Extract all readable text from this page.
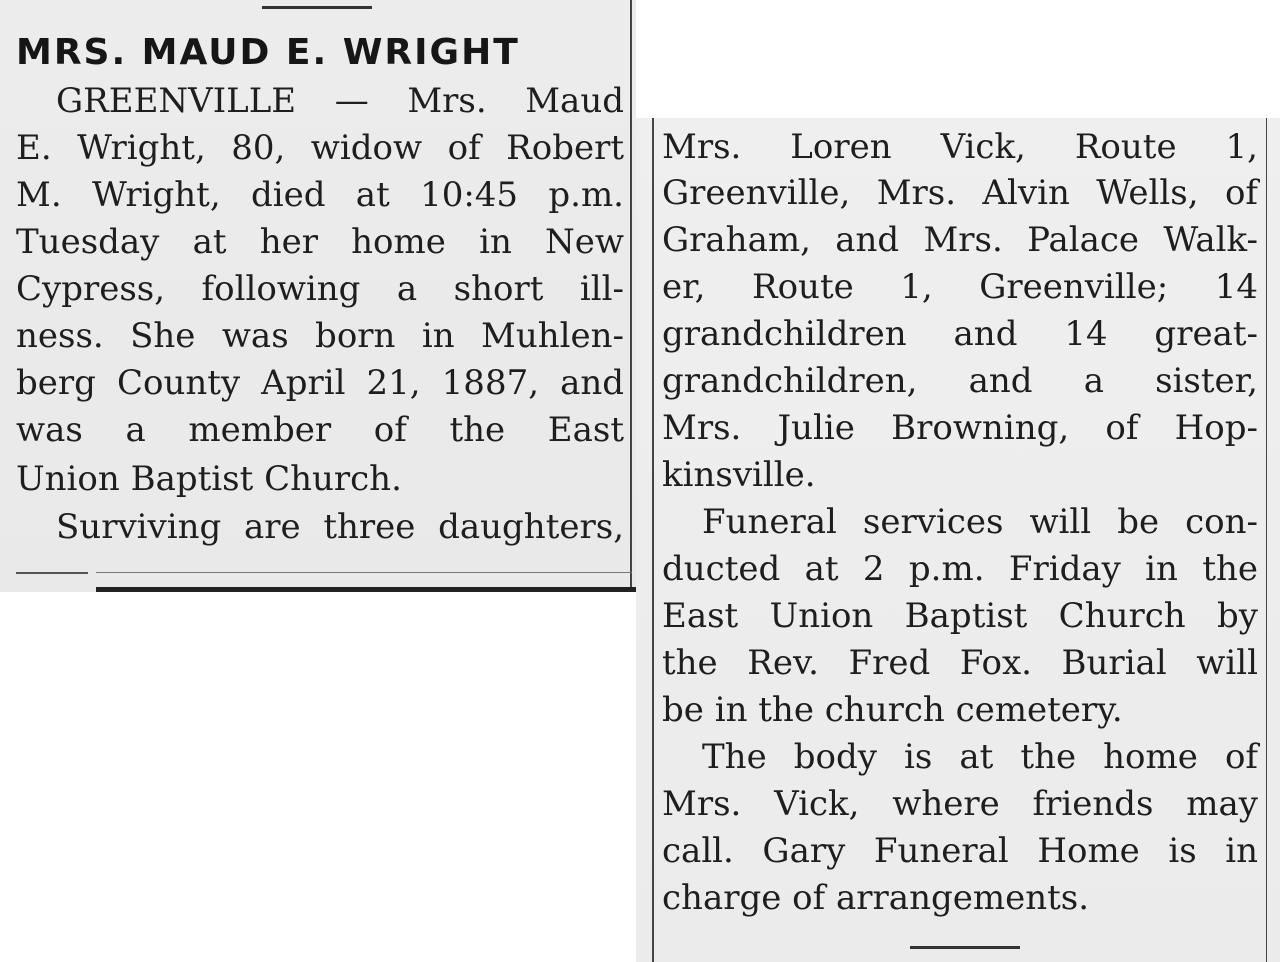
MRS. MAUD E. WRIGHT
GREENVILLE — Mrs. Maud
E. Wright, 80, widow of Robert
M. Wright, died at 10:45 p.m.
Tuesday at her home in New
Cypress, following a short ill-
ness. She was born in Muhlen-
berg County April 21, 1887, and
was a member of the East
Union Baptist Church.
Surviving are three daughters,
Mrs. Loren Vick, Route 1,
Greenville, Mrs. Alvin Wells, of
Graham, and Mrs. Palace Walk-
er, Route 1, Greenville; 14
grandchildren and 14 great-
grandchildren, and a sister,
Mrs. Julie Browning, of Hop-
kinsville.
Funeral services will be con-
ducted at 2 p.m. Friday in the
East Union Baptist Church by
the Rev. Fred Fox. Burial will
be in the church cemetery.
The body is at the home of
Mrs. Vick, where friends may
call. Gary Funeral Home is in
charge of arrangements.
